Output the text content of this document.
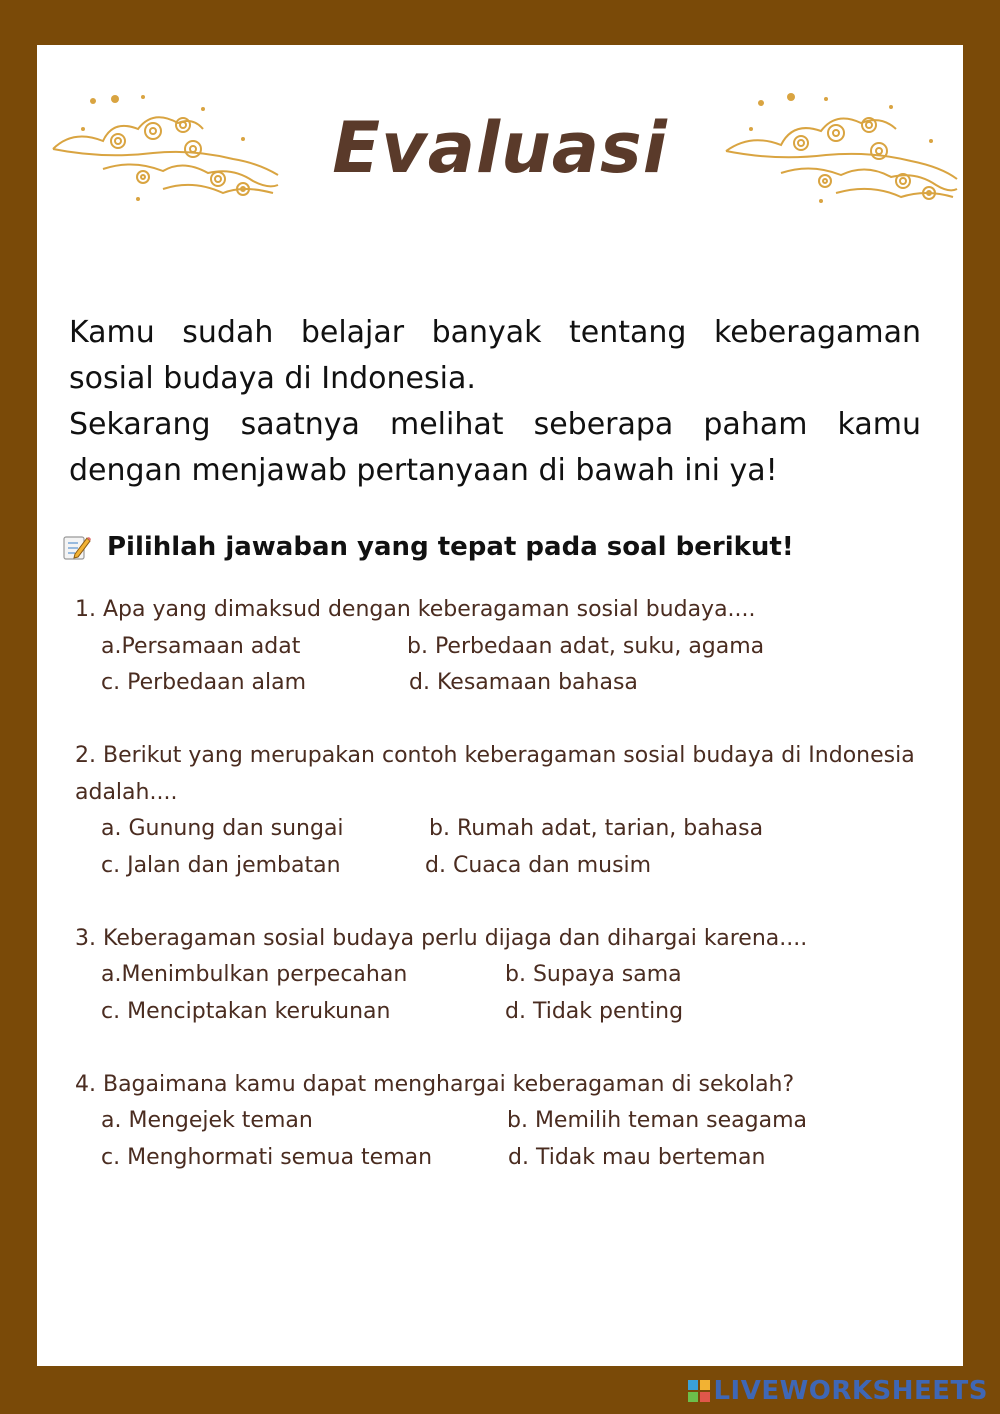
Evaluasi

Kamu sudah belajar banyak tentang keberagaman sosial budaya di Indonesia.

Sekarang saatnya melihat seberapa paham kamu dengan menjawab pertanyaan di bawah ini ya!

Pilihlah jawaban yang tepat pada soal berikut!

1. Apa yang dimaksud dengan keberagaman sosial budaya....

a.Persamaan adat	b. Perbedaan adat, suku, agama
c. Perbedaan alam	d. Kesamaan bahasa

2. Berikut yang merupakan contoh keberagaman sosial budaya di Indonesia adalah....

a. Gunung dan sungai	b. Rumah adat, tarian, bahasa
c. Jalan dan jembatan	d. Cuaca dan musim

3. Keberagaman sosial budaya perlu dijaga dan dihargai karena....

a.Menimbulkan perpecahan	b. Supaya sama
c. Menciptakan kerukunan	d. Tidak penting

4. Bagaimana kamu dapat menghargai keberagaman di sekolah?

a. Mengejek teman	b. Memilih teman seagama
c. Menghormati semua teman	d. Tidak mau berteman
LIVEWORKSHEETS
